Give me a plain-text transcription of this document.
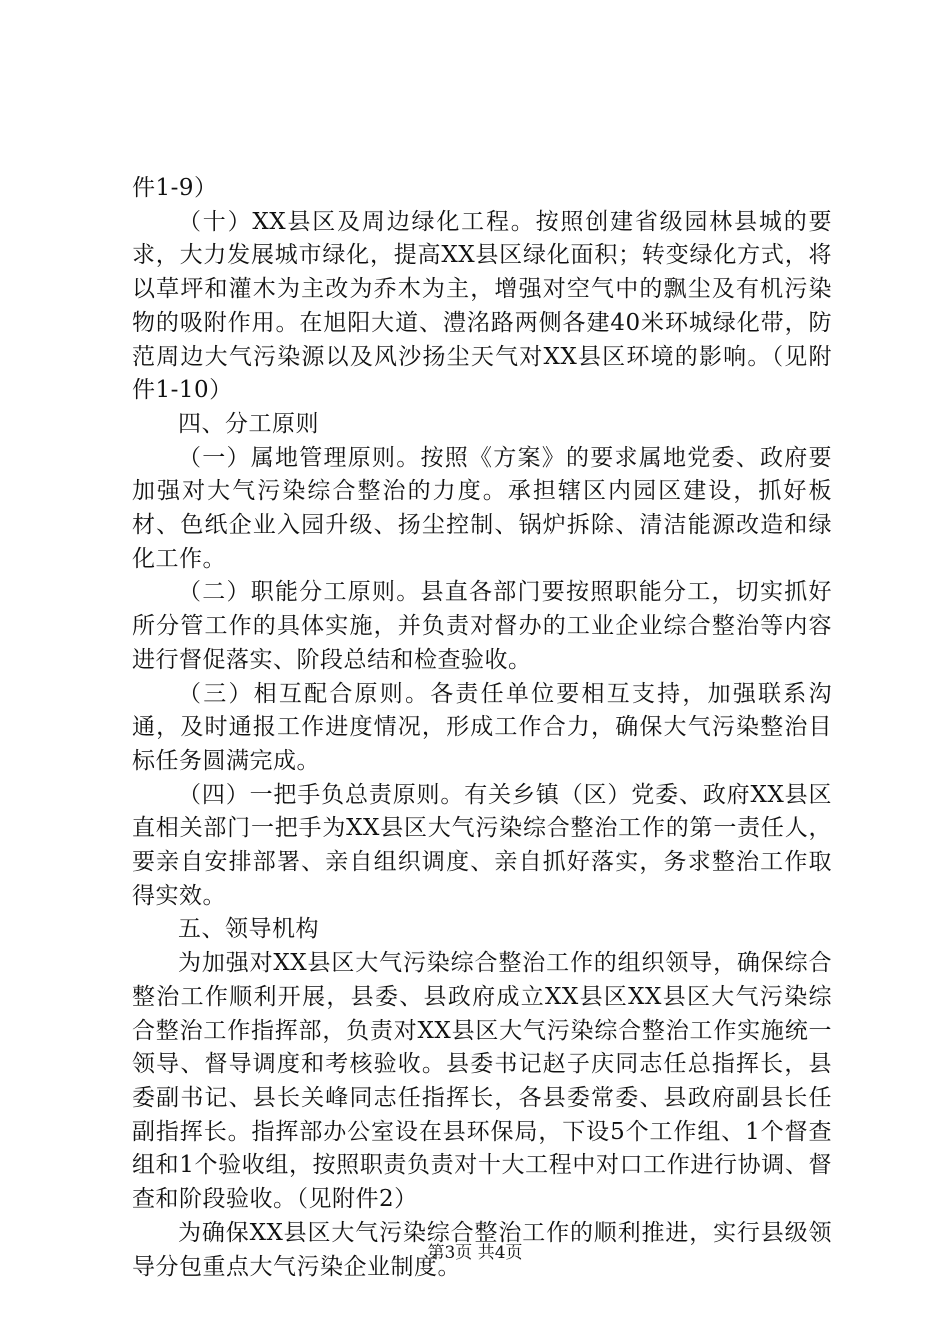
件1-9）

（十）XX县区及周边绿化工程。按照创建省级园林县城的要求，大力发展城市绿化，提高XX县区绿化面积；转变绿化方式，将以草坪和灌木为主改为乔木为主，增强对空气中的飘尘及有机污染物的吸附作用。在旭阳大道、澧洺路两侧各建40米环城绿化带，防范周边大气污染源以及风沙扬尘天气对XX县区环境的影响。（见附件1-10）

四、分工原则

（一）属地管理原则。按照《方案》的要求属地党委、政府要加强对大气污染综合整治的力度。承担辖区内园区建设，抓好板材、色纸企业入园升级、扬尘控制、锅炉拆除、清洁能源改造和绿化工作。

（二）职能分工原则。县直各部门要按照职能分工，切实抓好所分管工作的具体实施，并负责对督办的工业企业综合整治等内容进行督促落实、阶段总结和检查验收。

（三）相互配合原则。各责任单位要相互支持，加强联系沟通，及时通报工作进度情况，形成工作合力，确保大气污染整治目标任务圆满完成。

（四）一把手负总责原则。有关乡镇（区）党委、政府XX县区直相关部门一把手为XX县区大气污染综合整治工作的第一责任人，要亲自安排部署、亲自组织调度、亲自抓好落实，务求整治工作取得实效。

五、领导机构

为加强对XX县区大气污染综合整治工作的组织领导，确保综合整治工作顺利开展，县委、县政府成立XX县区XX县区大气污染综合整治工作指挥部，负责对XX县区大气污染综合整治工作实施统一领导、督导调度和考核验收。县委书记赵子庆同志任总指挥长，县委副书记、县长关峰同志任指挥长，各县委常委、县政府副县长任副指挥长。指挥部办公室设在县环保局，下设5个工作组、1个督查组和1个验收组，按照职责负责对十大工程中对口工作进行协调、督查和阶段验收。（见附件2）

为确保XX县区大气污染综合整治工作的顺利推进，实行县级领导分包重点大气污染企业制度。

第3页 共4页
